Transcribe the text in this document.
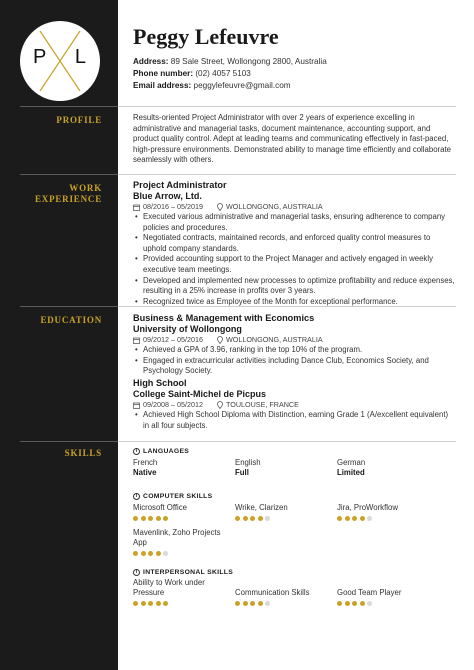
P L
Peggy Lefeuvre
Address: 89 Sale Street, Wollongong 2800, Australia
Phone number: (02) 4057 5103
Email address: peggylefeuvre@gmail.com
PROFILE	Results-oriented Project Administrator with over 2 years of experience excelling in administrative and managerial tasks, document maintenance, accounting support, and product quality control. Adept at leading teams and communicating effectively in fast-paced, high-pressure environments. Demonstrated ability to manage time efficiently and collaborate seamlessly with others.
WORK
EXPERIENCE
Project Administrator
Blue Arrow, Ltd.
08/2016 – 05/2019	WOLLONGONG, AUSTRALIA
• Executed various administrative and managerial tasks, ensuring adherence to company policies and procedures.
• Negotiated contracts, maintained records, and enforced quality control measures to uphold company standards.
• Provided accounting support to the Project Manager and actively engaged in weekly executive team meetings.
• Developed and implemented new processes to optimize profitability and reduce expenses, resulting in a 25% increase in profits over 3 years.
• Recognized twice as Employee of the Month for exceptional performance.
EDUCATION	Business & Management with Economics
University of Wollongong
09/2012 – 05/2016	WOLLONGONG, AUSTRALIA
• Achieved a GPA of 3.96, ranking in the top 10% of the program.
• Engaged in extracurricular activities including Dance Club, Economics Society, and Psychology Society.
High School
College Saint-Michel de Picpus
09/2008 – 05/2012	TOULOUSE, FRANCE
• Achieved High School Diploma with Distinction, earning Grade 1 (A/excellent equivalent) in all four subjects.
SKILLS	i LANGUAGES
French
Native
English
Full
German
Limited
i COMPUTER SKILLS
Microsoft Office	Wrike, Clarizen	Jira, ProWorkflow
Mavenlink, Zoho Projects App
i INTERPERSONAL SKILLS
Ability to Work under Pressure	Communication Skills	Good Team Player
